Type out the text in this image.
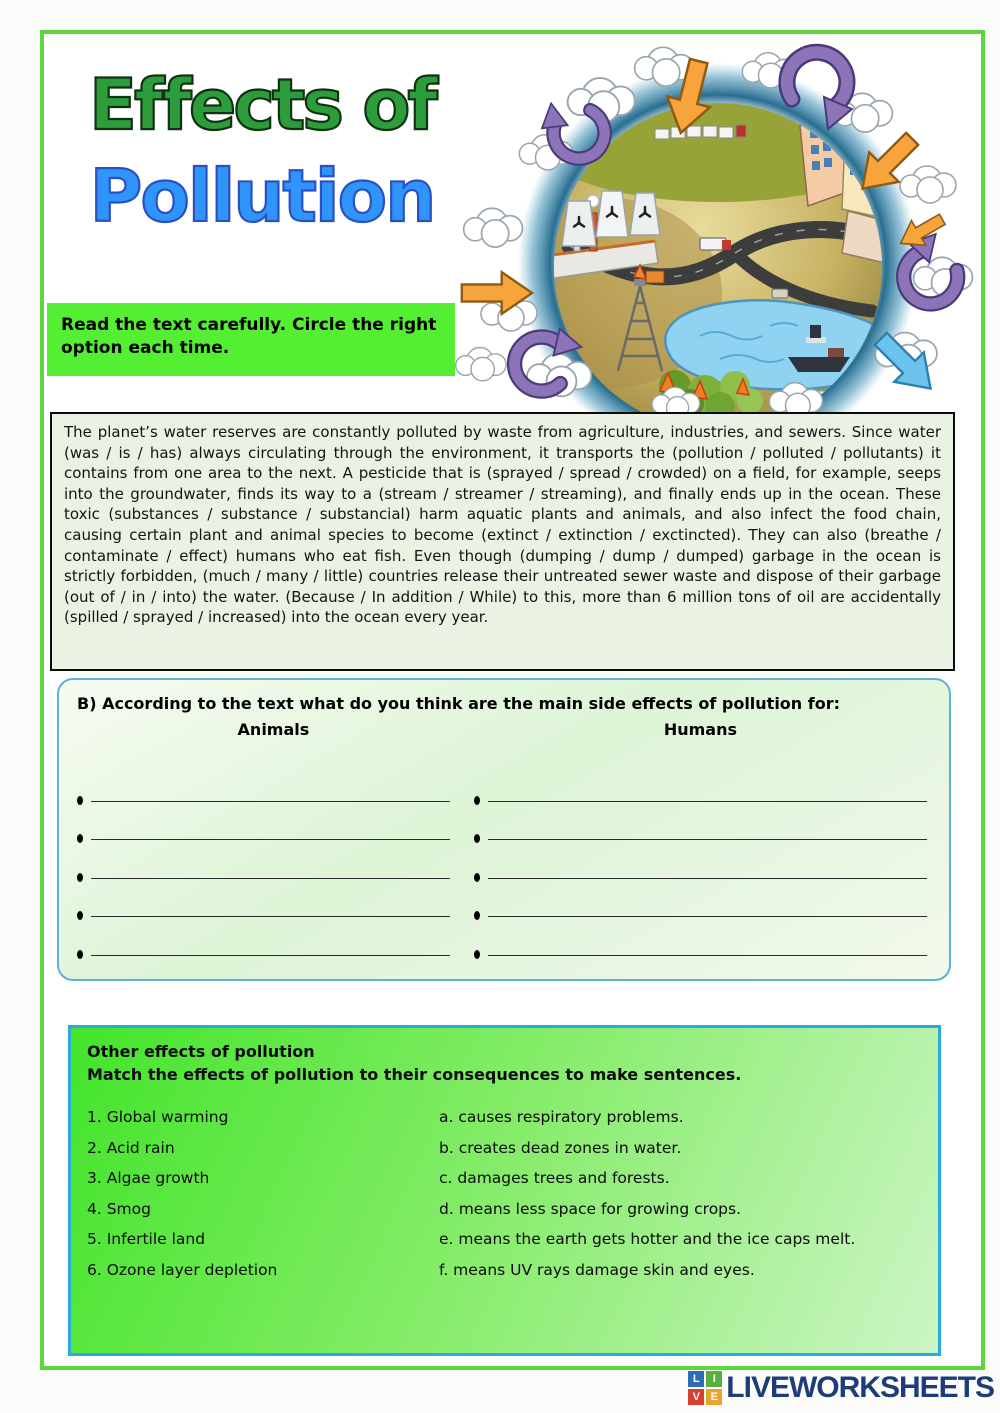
Effects of
Pollution
Read the text carefully. Circle the right option each time.

The planet’s water reserves are constantly polluted by waste from agriculture, industries, and sewers. Since water (was / is / has) always circulating through the environment, it transports the (pollution / polluted / pollutants) it contains from one area to the next. A pesticide that is (sprayed / spread / crowded) on a field, for example, seeps into the groundwater, finds its way to a (stream / streamer / streaming), and finally ends up in the ocean. These toxic (substances / substance / substancial) harm aquatic plants and animals, and also infect the food chain, causing certain plant and animal species to become (extinct / extinction / exctincted). They can also (breathe / contaminate / effect) humans who eat fish. Even though (dumping / dump / dumped) garbage in the ocean is strictly forbidden, (much / many / little) countries release their untreated sewer waste and dispose of their garbage (out of / in / into) the water. (Because / In addition / While) to this, more than 6 million tons of oil are accidentally (spilled / sprayed / increased) into the ocean every year.

B) According to the text what do you think are the main side effects of pollution for:
Animals	Humans
Other effects of pollution
Match the effects of pollution to their consequences to make sentences.
1. Global warming	a. causes respiratory problems.
2. Acid rain	b. creates dead zones in water.
3. Algae growth	c. damages trees and forests.
4. Smog	d. means less space for growing crops.
5. Infertile land	e. means the earth gets hotter and the ice caps melt.
6. Ozone layer depletion	f. means UV rays damage skin and eyes.
L	I
V E LIVEWORKSHEETS
